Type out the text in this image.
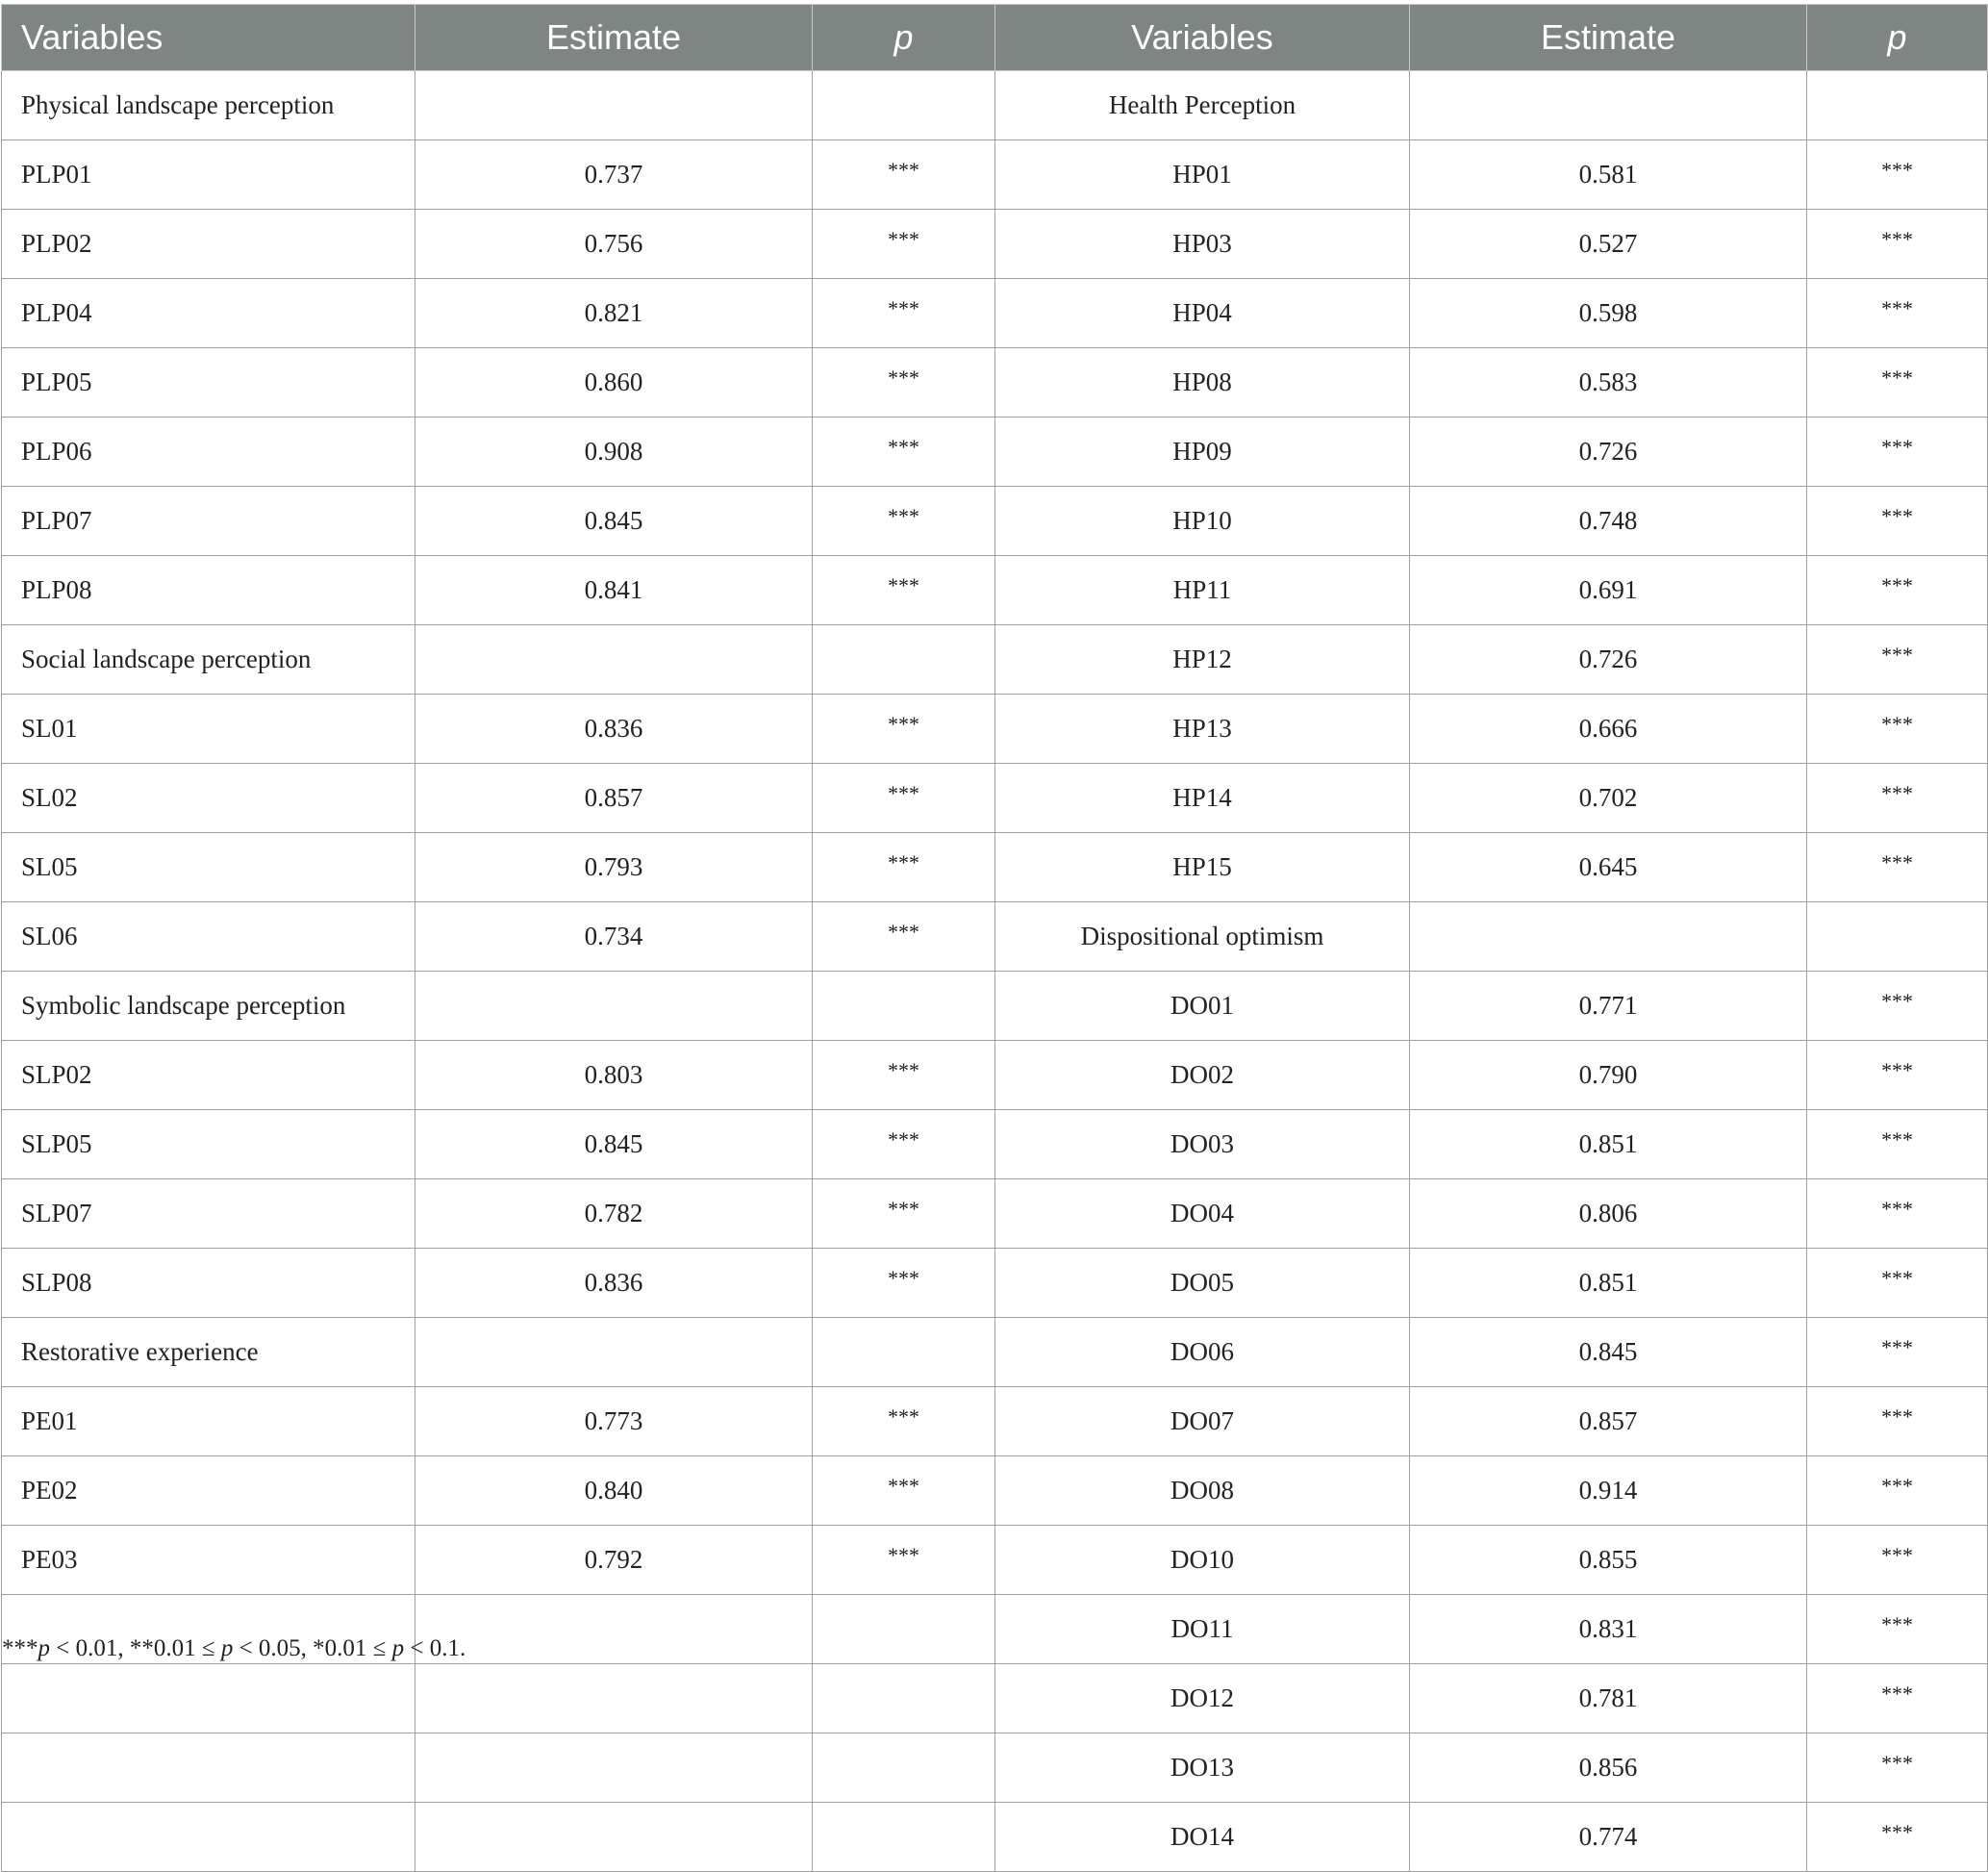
Variables	Estimate	p	Variables	Estimate	p
Physical landscape perception			Health Perception		
PLP01	0.737	***	HP01	0.581	***
PLP02	0.756	***	HP03	0.527	***
PLP04	0.821	***	HP04	0.598	***
PLP05	0.860	***	HP08	0.583	***
PLP06	0.908	***	HP09	0.726	***
PLP07	0.845	***	HP10	0.748	***
PLP08	0.841	***	HP11	0.691	***
Social landscape perception			HP12	0.726	***
SL01	0.836	***	HP13	0.666	***
SL02	0.857	***	HP14	0.702	***
SL05	0.793	***	HP15	0.645	***
SL06	0.734	***	Dispositional optimism		
Symbolic landscape perception			DO01	0.771	***
SLP02	0.803	***	DO02	0.790	***
SLP05	0.845	***	DO03	0.851	***
SLP07	0.782	***	DO04	0.806	***
SLP08	0.836	***	DO05	0.851	***
Restorative experience			DO06	0.845	***
PE01	0.773	***	DO07	0.857	***
PE02	0.840	***	DO08	0.914	***
PE03	0.792	***	DO10	0.855	***
			DO11	0.831	***
			DO12	0.781	***
			DO13	0.856	***
			DO14	0.774	***
***p < 0.01, **0.01 ≤ p < 0.05, *0.01 ≤ p < 0.1.
